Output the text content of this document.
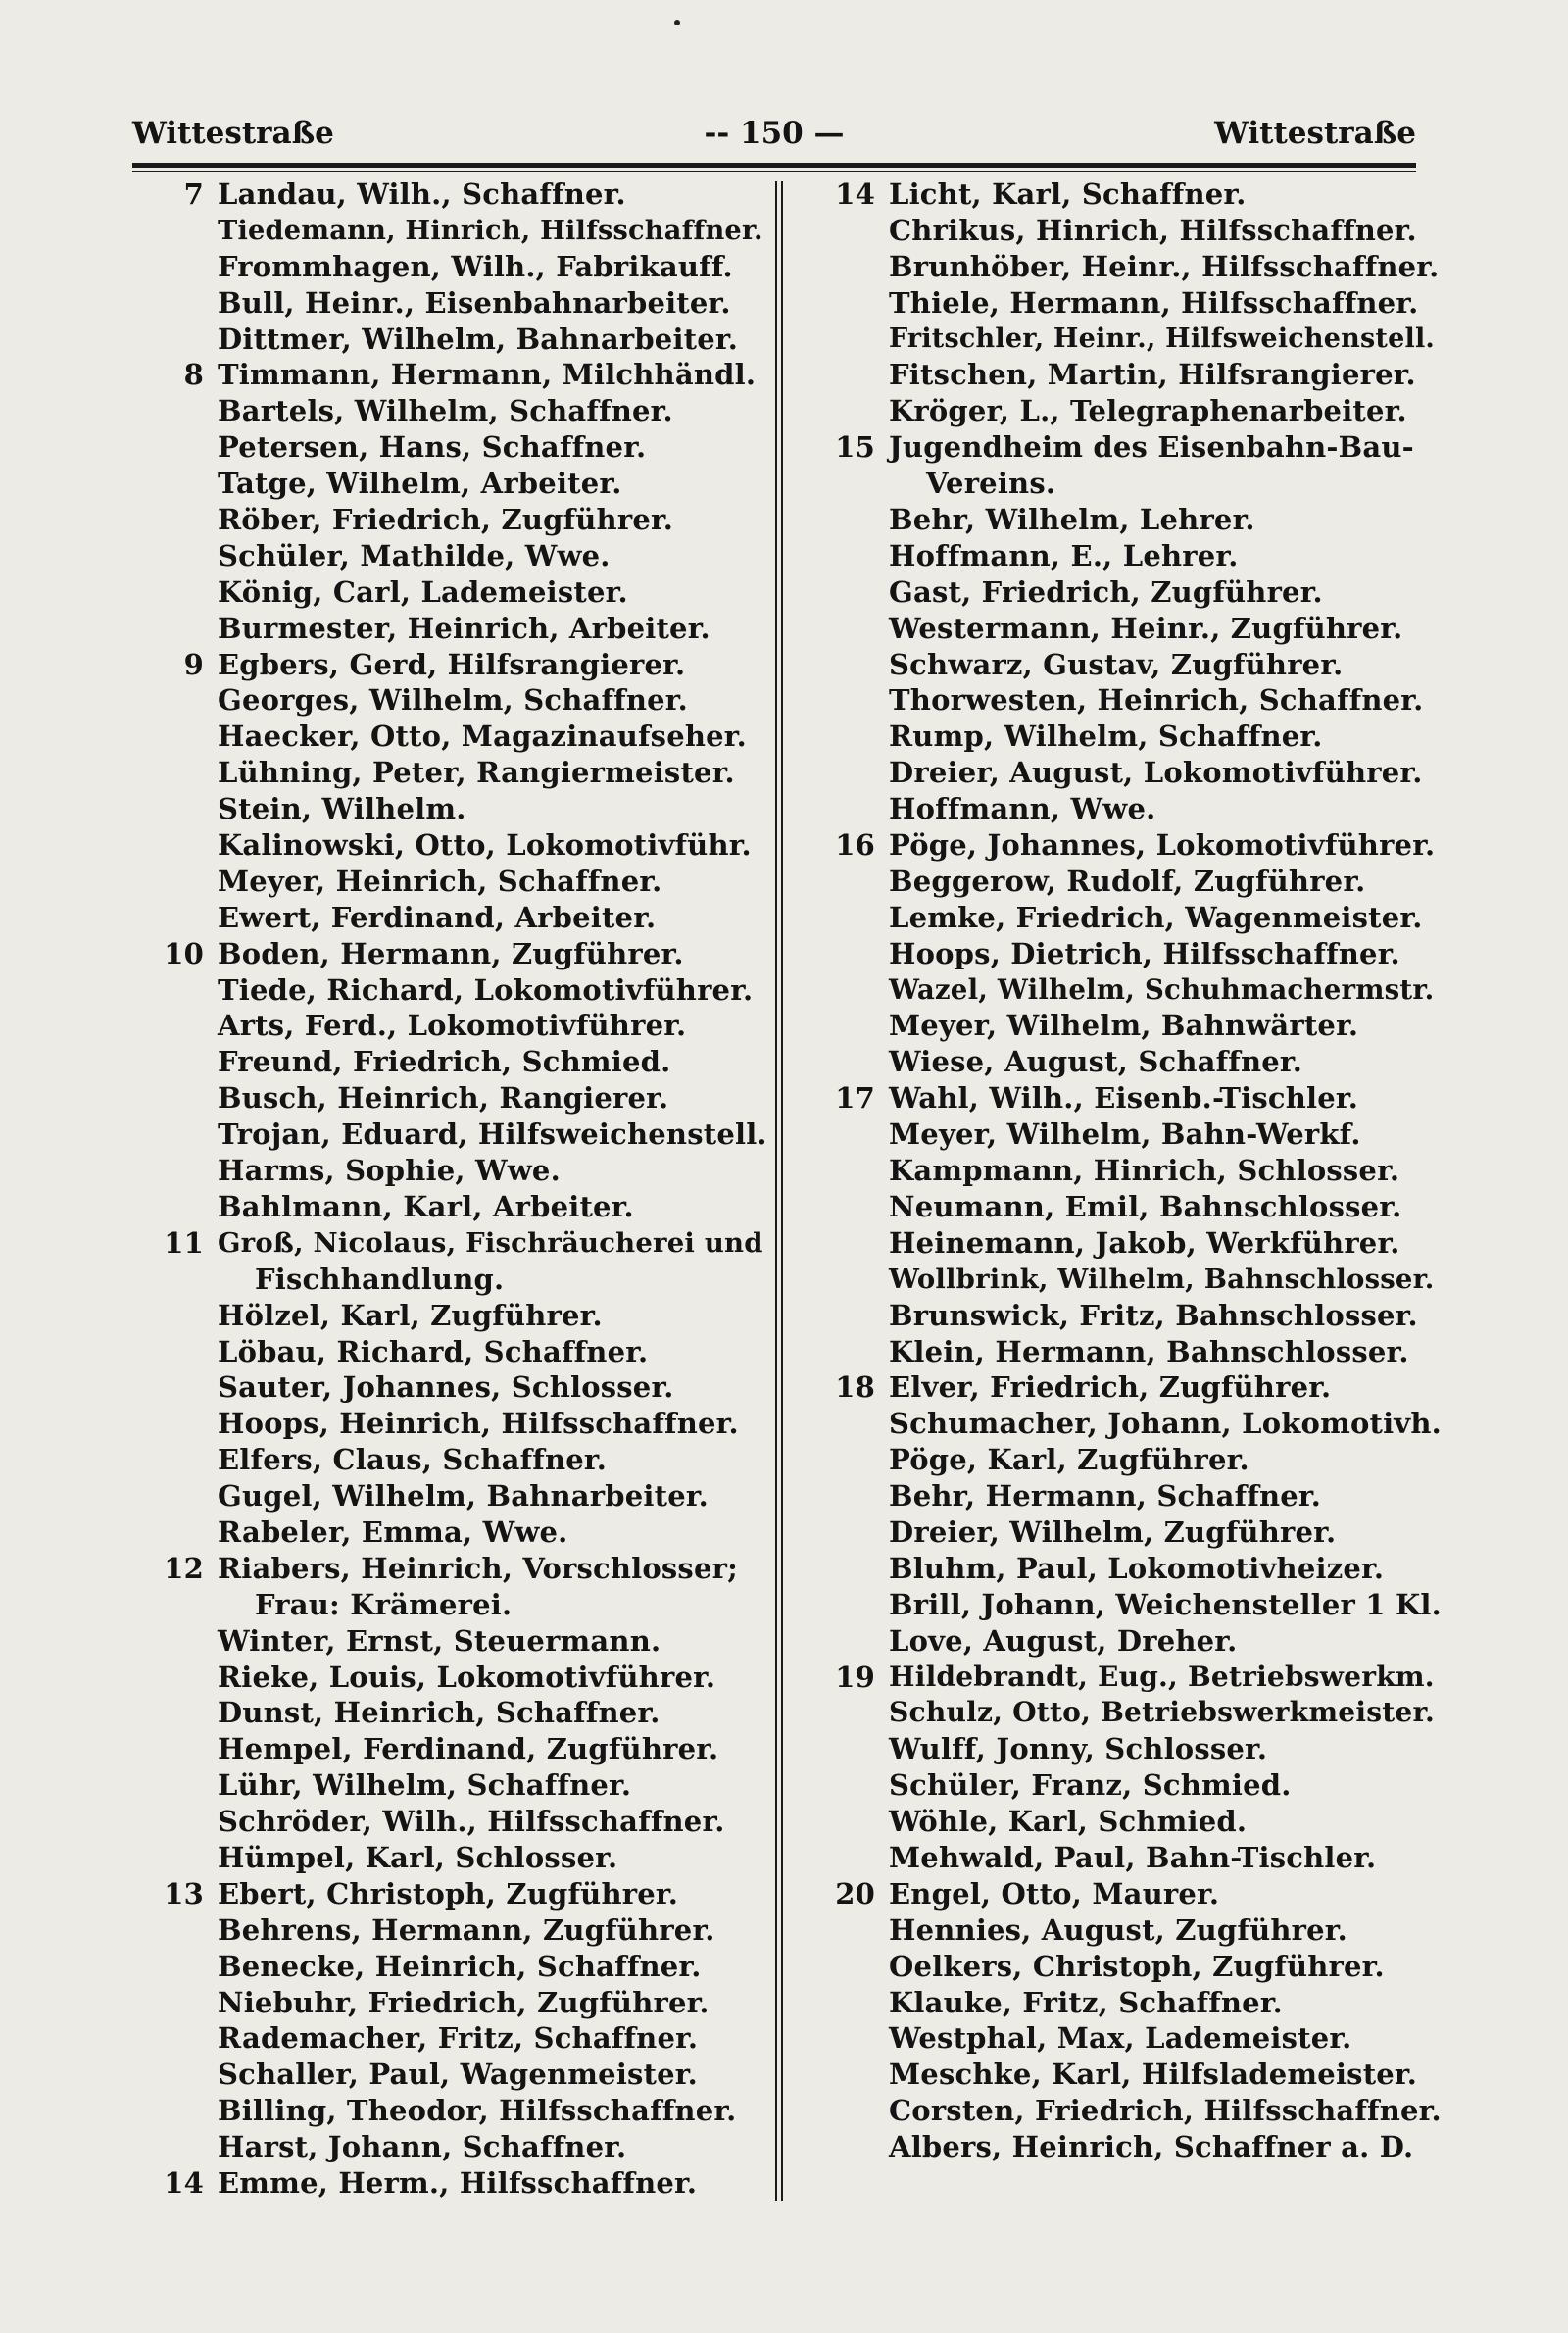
Wittestraße	-- 150 —	Wittestraße
7 Landau, Wilh., Schaffner.
Tiedemann, Hinrich, Hilfsschaffner.
Frommhagen, Wilh., Fabrikauff.
Bull, Heinr., Eisenbahnarbeiter.
Dittmer, Wilhelm, Bahnarbeiter.
8 Timmann, Hermann, Milchhändl.
Bartels, Wilhelm, Schaffner.
Petersen, Hans, Schaffner.
Tatge, Wilhelm, Arbeiter.
Röber, Friedrich, Zugführer.
Schüler, Mathilde, Wwe.
König, Carl, Lademeister.
Burmester, Heinrich, Arbeiter.
9 Egbers, Gerd, Hilfsrangierer.
Georges, Wilhelm, Schaffner.
Haecker, Otto, Magazinaufseher.
Lühning, Peter, Rangiermeister.
Stein, Wilhelm.
Kalinowski, Otto, Lokomotivführ.
Meyer, Heinrich, Schaffner.
Ewert, Ferdinand, Arbeiter.
10 Boden, Hermann, Zugführer.
Tiede, Richard, Lokomotivführer.
Arts, Ferd., Lokomotivführer.
Freund, Friedrich, Schmied.
Busch, Heinrich, Rangierer.
Trojan, Eduard, Hilfsweichenstell.
Harms, Sophie, Wwe.
Bahlmann, Karl, Arbeiter.
11 Groß, Nicolaus, Fischräucherei und
Fischhandlung.
Hölzel, Karl, Zugführer.
Löbau, Richard, Schaffner.
Sauter, Johannes, Schlosser.
Hoops, Heinrich, Hilfsschaffner.
Elfers, Claus, Schaffner.
Gugel, Wilhelm, Bahnarbeiter.
Rabeler, Emma, Wwe.
12 Riabers, Heinrich, Vorschlosser;
Frau: Krämerei.
Winter, Ernst, Steuermann.
Rieke, Louis, Lokomotivführer.
Dunst, Heinrich, Schaffner.
Hempel, Ferdinand, Zugführer.
Lühr, Wilhelm, Schaffner.
Schröder, Wilh., Hilfsschaffner.
Hümpel, Karl, Schlosser.
13 Ebert, Christoph, Zugführer.
Behrens, Hermann, Zugführer.
Benecke, Heinrich, Schaffner.
Niebuhr, Friedrich, Zugführer.
Rademacher, Fritz, Schaffner.
Schaller, Paul, Wagenmeister.
Billing, Theodor, Hilfsschaffner.
Harst, Johann, Schaffner.
14 Emme, Herm., Hilfsschaffner.
14 Licht, Karl, Schaffner.
Chrikus, Hinrich, Hilfsschaffner.
Brunhöber, Heinr., Hilfsschaffner.
Thiele, Hermann, Hilfsschaffner.
Fritschler, Heinr., Hilfsweichenstell.
Fitschen, Martin, Hilfsrangierer.
Kröger, L., Telegraphenarbeiter.
15 Jugendheim des Eisenbahn-Bau-
Vereins.
Behr, Wilhelm, Lehrer.
Hoffmann, E., Lehrer.
Gast, Friedrich, Zugführer.
Westermann, Heinr., Zugführer.
Schwarz, Gustav, Zugführer.
Thorwesten, Heinrich, Schaffner.
Rump, Wilhelm, Schaffner.
Dreier, August, Lokomotivführer.
Hoffmann, Wwe.
16 Pöge, Johannes, Lokomotivführer.
Beggerow, Rudolf, Zugführer.
Lemke, Friedrich, Wagenmeister.
Hoops, Dietrich, Hilfsschaffner.
Wazel, Wilhelm, Schuhmachermstr.
Meyer, Wilhelm, Bahnwärter.
Wiese, August, Schaffner.
17 Wahl, Wilh., Eisenb.-Tischler.
Meyer, Wilhelm, Bahn-Werkf.
Kampmann, Hinrich, Schlosser.
Neumann, Emil, Bahnschlosser.
Heinemann, Jakob, Werkführer.
Wollbrink, Wilhelm, Bahnschlosser.
Brunswick, Fritz, Bahnschlosser.
Klein, Hermann, Bahnschlosser.
18 Elver, Friedrich, Zugführer.
Schumacher, Johann, Lokomotivh.
Pöge, Karl, Zugführer.
Behr, Hermann, Schaffner.
Dreier, Wilhelm, Zugführer.
Bluhm, Paul, Lokomotivheizer.
Brill, Johann, Weichensteller 1 Kl.
Love, August, Dreher.
19 Hildebrandt, Eug., Betriebswerkm.
Schulz, Otto, Betriebswerkmeister.
Wulff, Jonny, Schlosser.
Schüler, Franz, Schmied.
Wöhle, Karl, Schmied.
Mehwald, Paul, Bahn-Tischler.
20 Engel, Otto, Maurer.
Hennies, August, Zugführer.
Oelkers, Christoph, Zugführer.
Klauke, Fritz, Schaffner.
Westphal, Max, Lademeister.
Meschke, Karl, Hilfslademeister.
Corsten, Friedrich, Hilfsschaffner.
Albers, Heinrich, Schaffner a. D.
